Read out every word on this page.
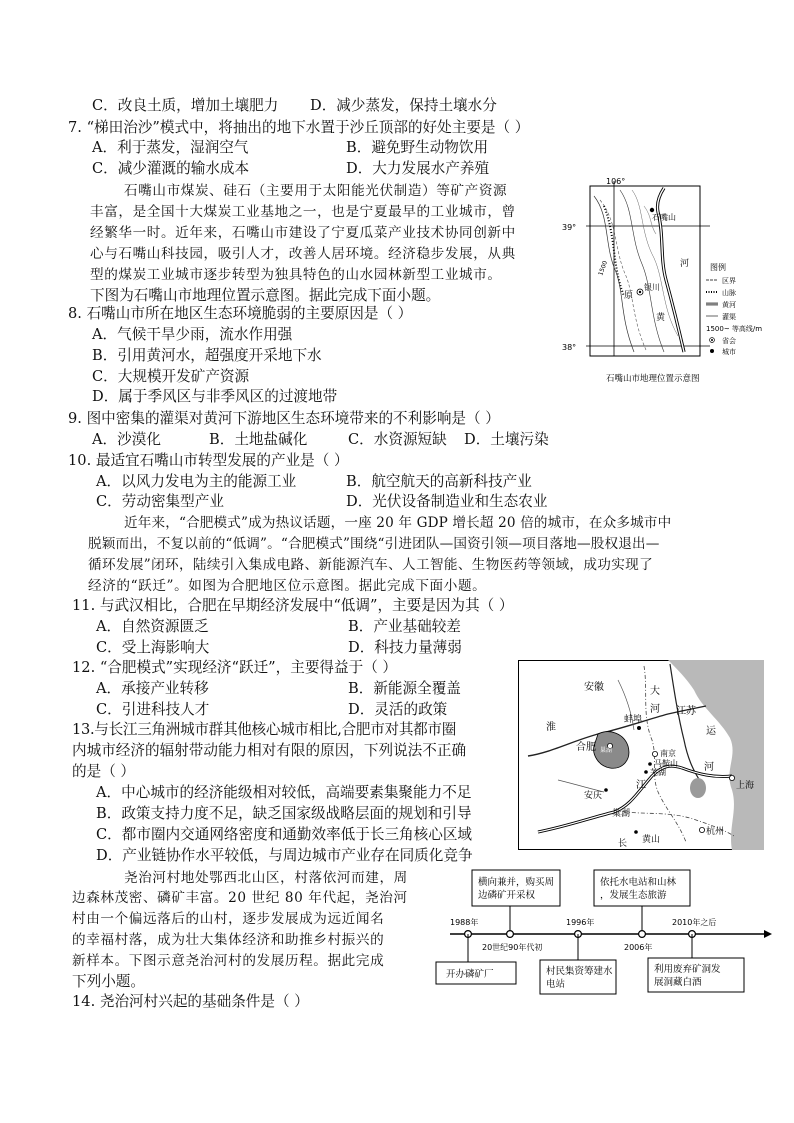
C．改良土质，增加土壤肥力 D．减少蒸发，保持土壤水分
7. “梯田治沙”模式中，将抽出的地下水置于沙丘顶部的好处主要是（ ）
A．利于蒸发，湿润空气	B．避免野生动物饮用
C．减少灌溉的输水成本	D．大力发展水产养殖
石嘴山市煤炭、硅石（主要用于太阳能光伏制造）等矿产资源
丰富，是全国十大煤炭工业基地之一，也是宁夏最早的工业城市，曾
经繁华一时。近年来，石嘴山市建设了宁夏瓜菜产业技术协同创新中
心与石嘴山科技园，吸引人才，改善人居环境。经济稳步发展，从典
型的煤炭工业城市逐步转型为独具特色的山水园林新型工业城市。
下图为石嘴山市地理位置示意图。据此完成下面小题。
8. 石嘴山市所在地区生态环境脆弱的主要原因是（ ）
A．气候干旱少雨，流水作用强
B．引用黄河水，超强度开采地下水
C．大规模开发矿产资源
D．属于季风区与非季风区的过渡地带
9. 图中密集的灌渠对黄河下游地区生态环境带来的不利影响是（ ）
A．沙漠化	B．土地盐碱化	C．水资源短缺 D．土壤污染
10. 最适宜石嘴山市转型发展的产业是（ ）
A．以风力发电为主的能源工业	B．航空航天的高新科技产业
C．劳动密集型产业	D．光伏设备制造业和生态农业
近年来，“合肥模式”成为热议话题，一座 20 年 GDP 增长超 20 倍的城市，在众多城市中
脱颖而出，不复以前的“低调”。“合肥模式”围绕“引进团队—国资引领—项目落地—股权退出—
循环发展”闭环，陆续引入集成电路、新能源汽车、人工智能、生物医药等领域，成功实现了
经济的“跃迁”。如图为合肥地区位示意图。据此完成下面小题。
11. 与武汉相比，合肥在早期经济发展中“低调”，主要是因为其（ ）
A．自然资源匮乏	B．产业基础较差
C．受上海影响大	D．科技力量薄弱
12. “合肥模式”实现经济“跃迁”，主要得益于（ ）
A．承接产业转移	B．新能源全覆盖
C．引进科技人才	D．灵活的政策
13.与长江三角洲城市群其他核心城市相比,合肥市对其都市圈
内城市经济的辐射带动能力相对有限的原因，下列说法不正确
的是（ ）
A．中心城市的经济能级相对较低，高端要素集聚能力不足
B．政策支持力度不足，缺乏国家级战略层面的规划和引导
C．都市圈内交通网络密度和通勤效率低于长三角核心区域
D．产业链协作水平较低，与周边城市产业存在同质化竞争
尧治河村地处鄂西北山区，村落依河而建，周
边森林茂密、磷矿丰富。20 世纪 80 年代起，尧治河
村由一个偏远落后的山村，逐步发展成为远近闻名
的幸福村落，成为壮大集体经济和助推乡村振兴的
新样本。下图示意尧治河村的发展历程。据此完成
下列小题。
14. 尧治河村兴起的基础条件是（ ）
106°
39°
38°
石嘴山
银川
河
原
黄
1500	图例
区界
山脉
黄河
灌渠
1500~ 等高线/m
省会
城市
石嘴山市地理位置示意图
大
安徽
河 江苏
淮
蚌埠
运
合肥
南京
马鞍山
芜湖	河
巢湖
江	上海
安庆
巢湖
黄山
长
杭州
横向兼并，购买周边磷矿开采权
依托水电站和山林，发展生态旅游
1988年
20世纪90年代初
1996年
2006年
2010年之后
开办磷矿厂	村民集资筹建水电站
利用废弃矿洞发展洞藏白酒
